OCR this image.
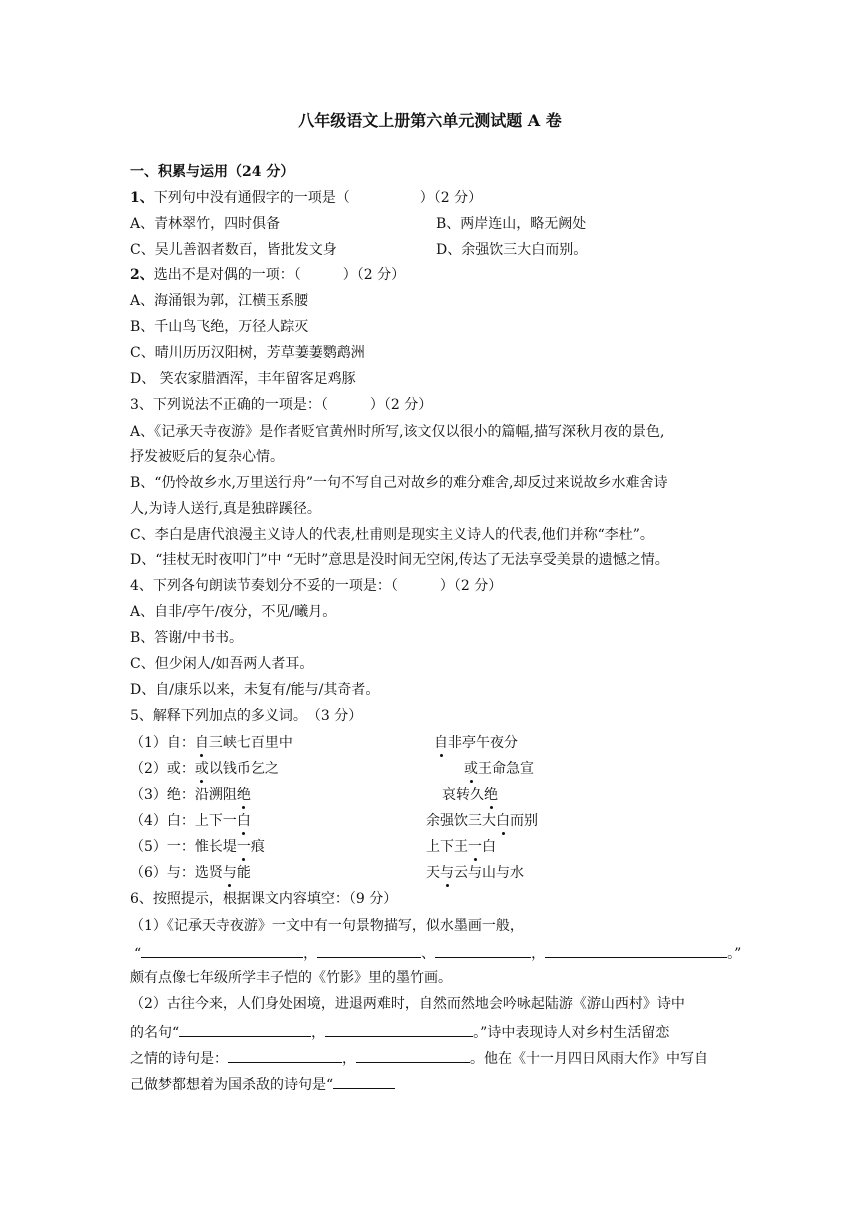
八年级语文上册第六单元测试题 A 卷
一、积累与运用（24 分）
1、下列句中没有通假字的一项是（　　　　　）（2 分）
A、青林翠竹，四时俱备	B、两岸连山，略无阙处
C、吴儿善泅者数百，皆批发文身	D、余强饮三大白而别。
2、选出不是对偶的一项：（　　　）（2 分）
A、海涌银为郭，江横玉系腰
B、千山鸟飞绝，万径人踪灭
C、晴川历历汉阳树，芳草萋萋鹦鹉洲
D、 笑农家腊酒浑，丰年留客足鸡豚
3、下列说法不正确的一项是：（　　　）（2 分）
A、《记承天寺夜游》是作者贬官黄州时所写,该文仅以很小的篇幅,描写深秋月夜的景色,
抒发被贬后的复杂心情。
B、“仍怜故乡水,万里送行舟”一句不写自己对故乡的难分难舍,却反过来说故乡水难舍诗
人,为诗人送行,真是独辟蹊径。
C、李白是唐代浪漫主义诗人的代表,杜甫则是现实主义诗人的代表,他们并称“李杜”。
D、“挂杖无时夜叩门”中 “无时”意思是没时间无空闲,传达了无法享受美景的遗憾之情。
4、下列各句朗读节奏划分不妥的一项是：（　　　）（2 分）
A、自非/亭午/夜分，不见/曦月。
B、答谢/中书书。
C、但少闲人/如吾两人者耳。
D、自/康乐以来，未复有/能与/其奇者。
5、解释下列加点的多义词。　（3 分）
（1）自：自三峡七百里中	自非亭午夜分
（2）或：或以钱币乞之	或王命急宣
（3）绝：沿溯阻绝	哀转久绝
（4）白：上下一白	余强饮三大白而别
（5）一：惟长堤一痕	上下王一白
（6）与：选贤与能	天与云与山与水
6、按照提示，根据课文内容填空：（9 分）
（1）《记承天寺夜游》一文中有一句景物描写，似水墨画一般，
“	，	、	，	。”
颇有点像七年级所学丰子恺的《竹影》里的墨竹画。
（2）古往今来，人们身处困境，进退两难时，自然而然地会吟咏起陆游《游山西村》诗中
的名句“	，	。”诗中表现诗人对乡村生活留恋
之情的诗句是：	，	。他在《十一月四日风雨大作》中写自
己做梦都想着为国杀敌的诗句是“
